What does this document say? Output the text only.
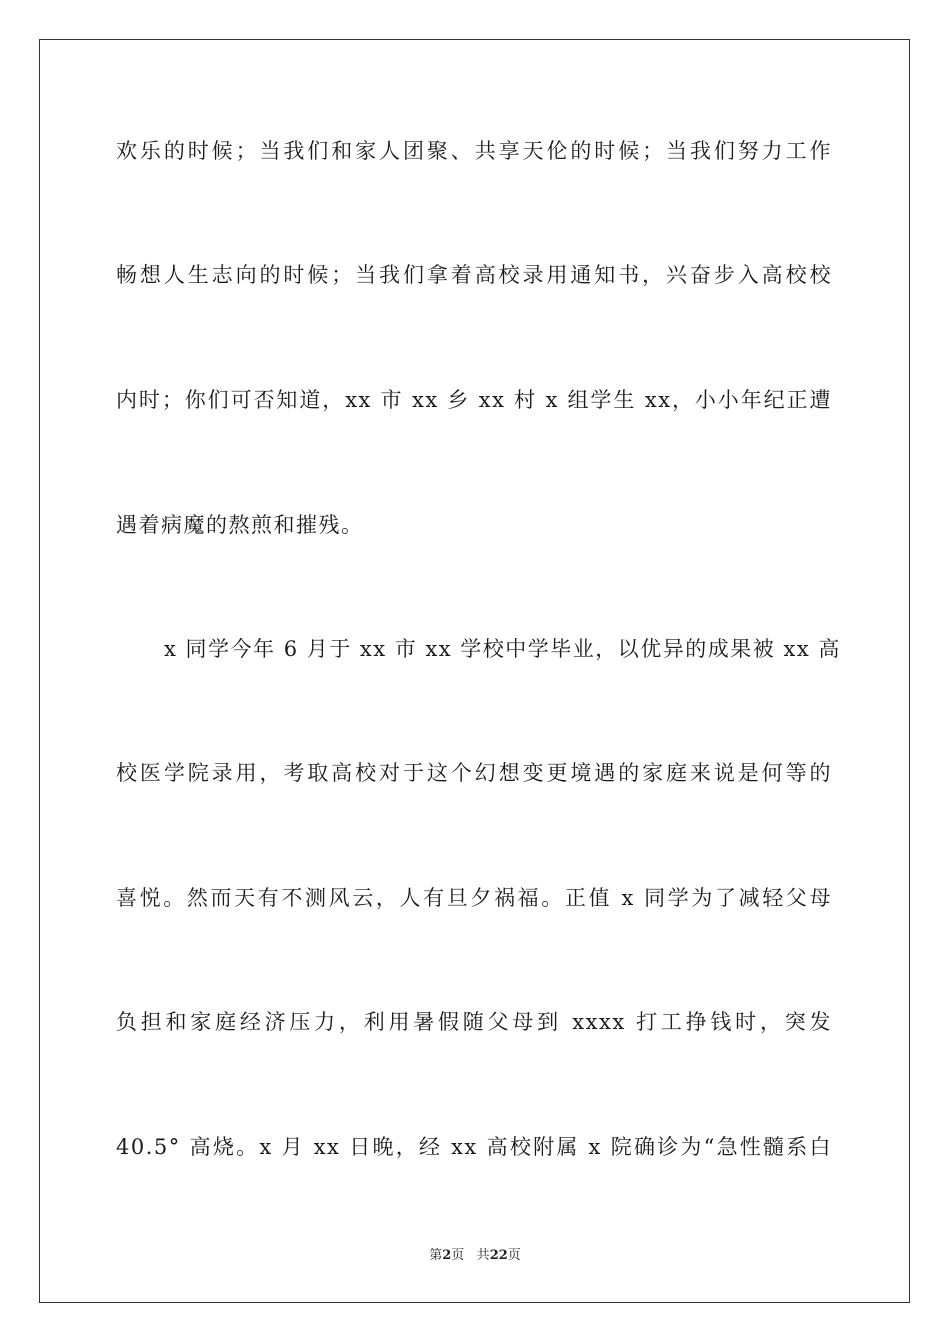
欢乐的时候；当我们和家人团聚、共享天伦的时候；当我们努力工作
畅想人生志向的时候；当我们拿着高校录用通知书，兴奋步入高校校
内时；你们可否知道，xx 市 xx 乡 xx 村 x 组学生 xx，小小年纪正遭
遇着病魔的熬煎和摧残。
x 同学今年 6 月于 xx 市 xx 学校中学毕业，以优异的成果被 xx 高
校医学院录用，考取高校对于这个幻想变更境遇的家庭来说是何等的
喜悦。然而天有不测风云，人有旦夕祸福。正值 x 同学为了减轻父母
负担和家庭经济压力，利用暑假随父母到 xxxx 打工挣钱时，突发
40.5° 高烧。x 月 xx 日晚，经 xx 高校附属 x 院确诊为“急性髓系白
第2页 共22页
